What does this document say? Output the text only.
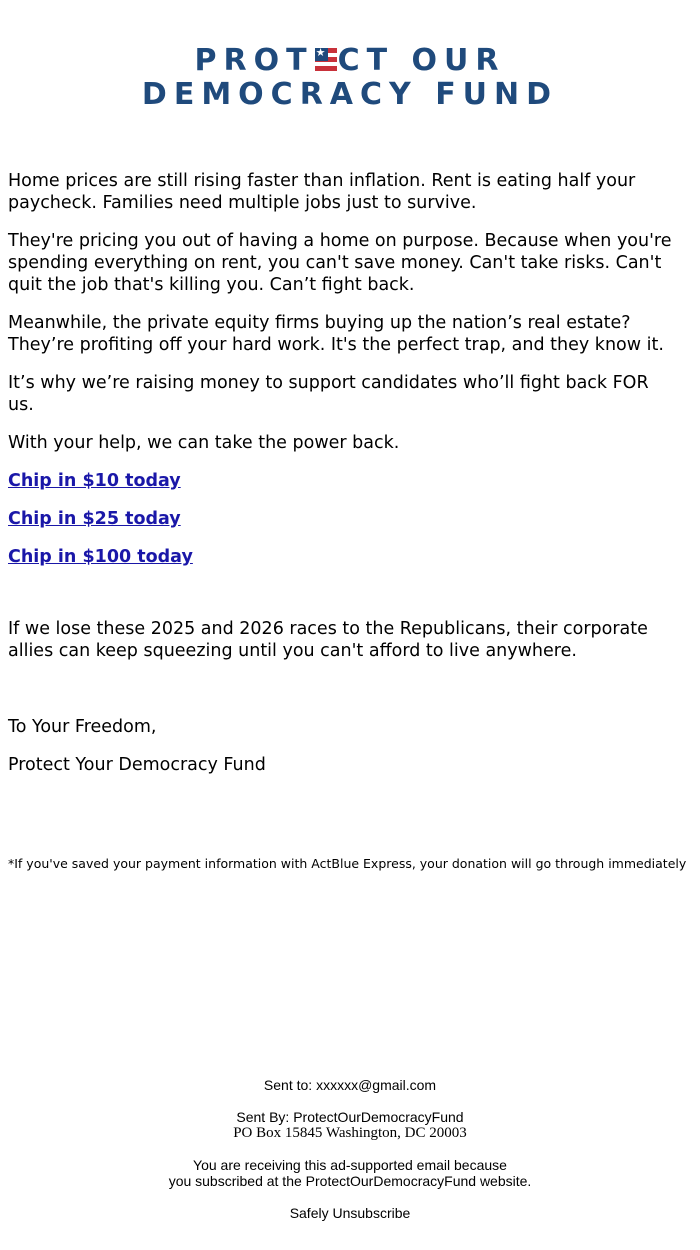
PROT ★ CT OUR
DEMOCRACY FUND

Home prices are still rising faster than inflation. Rent is eating half your paycheck. Families need multiple jobs just to survive.

They're pricing you out of having a home on purpose. Because when you're spending everything on rent, you can't save money. Can't take risks. Can't quit the job that's killing you. Can’t fight back.

Meanwhile, the private equity firms buying up the nation’s real estate? They’re profiting off your hard work. It's the perfect trap, and they know it.

It’s why we’re raising money to support candidates who’ll fight back FOR us.

With your help, we can take the power back.

Chip in $10 today

Chip in $25 today

Chip in $100 today

If we lose these 2025 and 2026 races to the Republicans, their corporate allies can keep squeezing until you can't afford to live anywhere.

To Your Freedom,

Protect Your Democracy Fund

*If you've saved your payment information with ActBlue Express, your donation will go through immediately
Sent to: xxxxxx@gmail.com
Sent By: ProtectOurDemocracyFund
PO Box 15845 Washington, DC 20003
You are receiving this ad-supported email because
you subscribed at the ProtectOurDemocracyFund website.
Safely Unsubscribe
